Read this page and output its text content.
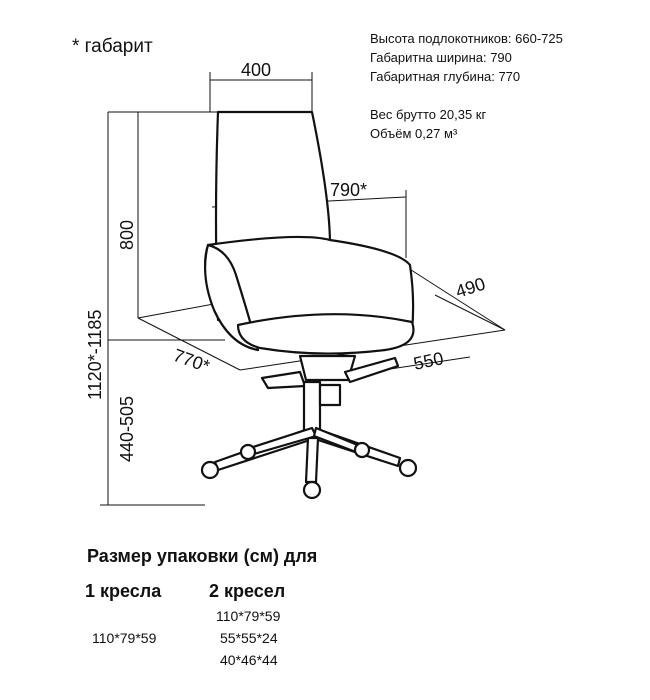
400
790*
490
550
770*
800
1120*-1185
440-505
* габарит	Высота подлокотников: 660-725
Габаритна ширина: 790
Габаритная глубина: 770
Вес брутто 20,35 кг
Объём 0,27 м³
Размер упаковки (см) для
1 кресла	2 кресел
110*79*59
110*79*59
55*55*24
40*46*44
